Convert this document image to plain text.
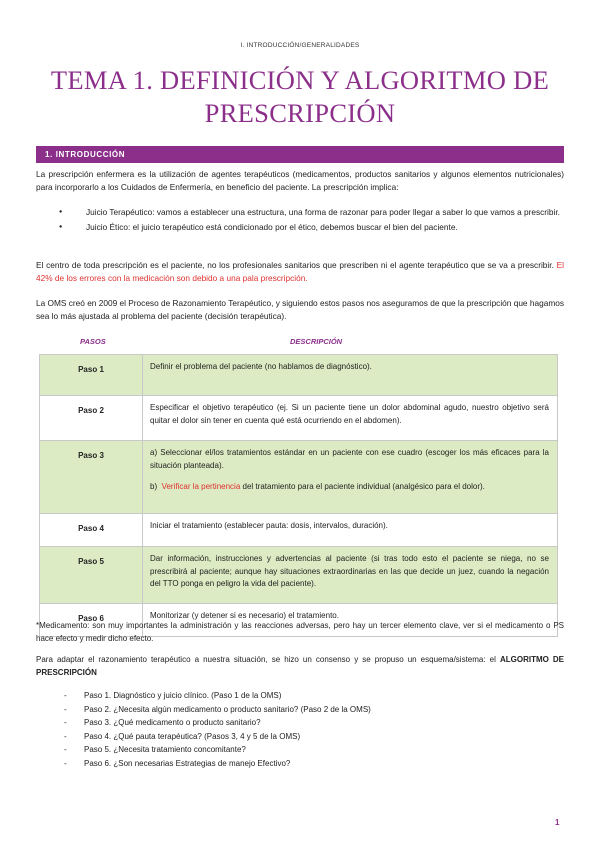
I. INTRODUCCIÓN/GENERALIDADES
TEMA 1. DEFINICIÓN Y ALGORITMO DE
PRESCRIPCIÓN
1. INTRODUCCIÓN
La prescripción enfermera es la utilización de agentes terapéuticos (medicamentos, productos sanitarios y algunos elementos nutricionales) para incorporarlo a los Cuidados de Enfermería, en beneficio del paciente. La prescripción implica:
● Juicio Terapéutico: vamos a establecer una estructura, una forma de razonar para poder llegar a saber lo que vamos a prescribir.
● Juicio Ético: el juicio terapéutico está condicionado por el ético, debemos buscar el bien del paciente.
El centro de toda prescripción es el paciente, no los profesionales sanitarios que prescriben ni el agente terapéutico que se va a prescribir. El 42% de los errores con la medicación son debido a una pala prescripción.
La OMS creó en 2009 el Proceso de Razonamiento Terapéutico, y siguiendo estos pasos nos aseguramos de que la prescripción que hagamos sea lo más ajustada al problema del paciente (decisión terapéutica).
PASOS	DESCRIPCIÓN
Paso 1	Definir el problema del paciente (no hablamos de diagnóstico).
Paso 2	Especificar el objetivo terapéutico (ej. Si un paciente tiene un dolor abdominal agudo, nuestro objetivo será quitar el dolor sin tener en cuenta qué está ocurriendo en el abdomen).
Paso 3	a) Seleccionar el/los tratamientos estándar en un paciente con ese cuadro (escoger los más eficaces para la situación planteada).
b) Verificar la pertinencia del tratamiento para el paciente individual (analgésico para el dolor).

Paso 4	Iniciar el tratamiento (establecer pauta: dosis, intervalos, duración).
Paso 5	Dar información, instrucciones y advertencias al paciente (si tras todo esto el paciente se niega, no se prescribirá al paciente; aunque hay situaciones extraordinarias en las que decide un juez, cuando la negación del TTO ponga en peligro la vida del paciente).
Paso 6	Monitorizar (y detener si es necesario) el tratamiento.
*Medicamento: son muy importantes la administración y las reacciones adversas, pero hay un tercer elemento clave, ver si el medicamento o PS hace efecto y medir dicho efecto.
Para adaptar el razonamiento terapéutico a nuestra situación, se hizo un consenso y se propuso un esquema/sistema: el ALGORITMO DE PRESCRIPCIÓN
- Paso 1. Diagnóstico y juicio clínico. (Paso 1 de la OMS)
- Paso 2. ¿Necesita algún medicamento o producto sanitario? (Paso 2 de la OMS)
- Paso 3. ¿Qué medicamento o producto sanitario?
- Paso 4. ¿Qué pauta terapéutica? (Pasos 3, 4 y 5 de la OMS)
- Paso 5. ¿Necesita tratamiento concomitante?
- Paso 6. ¿Son necesarias Estrategias de manejo Efectivo?
1
